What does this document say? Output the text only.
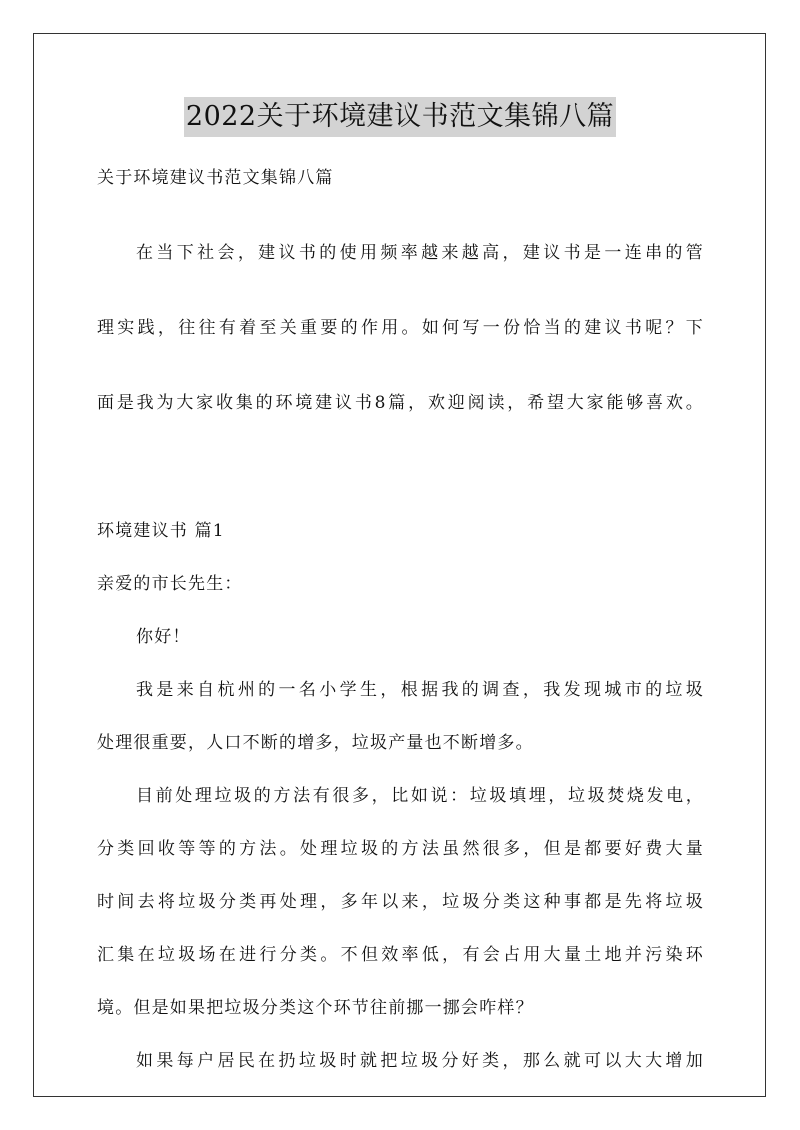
2022关于环境建议书范文集锦八篇
关于环境建议书范文集锦八篇
在当下社会，建议书的使用频率越来越高，建议书是一连串的管
理实践，往往有着至关重要的作用。如何写一份恰当的建议书呢？下
面是我为大家收集的环境建议书8篇，欢迎阅读，希望大家能够喜欢。
环境建议书 篇1
亲爱的市长先生：
你好！
我是来自杭州的一名小学生，根据我的调查，我发现城市的垃圾
处理很重要，人口不断的增多，垃圾产量也不断增多。
目前处理垃圾的方法有很多，比如说：垃圾填埋，垃圾焚烧发电，
分类回收等等的方法。处理垃圾的方法虽然很多，但是都要好费大量
时间去将垃圾分类再处理，多年以来，垃圾分类这种事都是先将垃圾
汇集在垃圾场在进行分类。不但效率低，有会占用大量土地并污染环
境。但是如果把垃圾分类这个环节往前挪一挪会咋样？
如果每户居民在扔垃圾时就把垃圾分好类，那么就可以大大增加
